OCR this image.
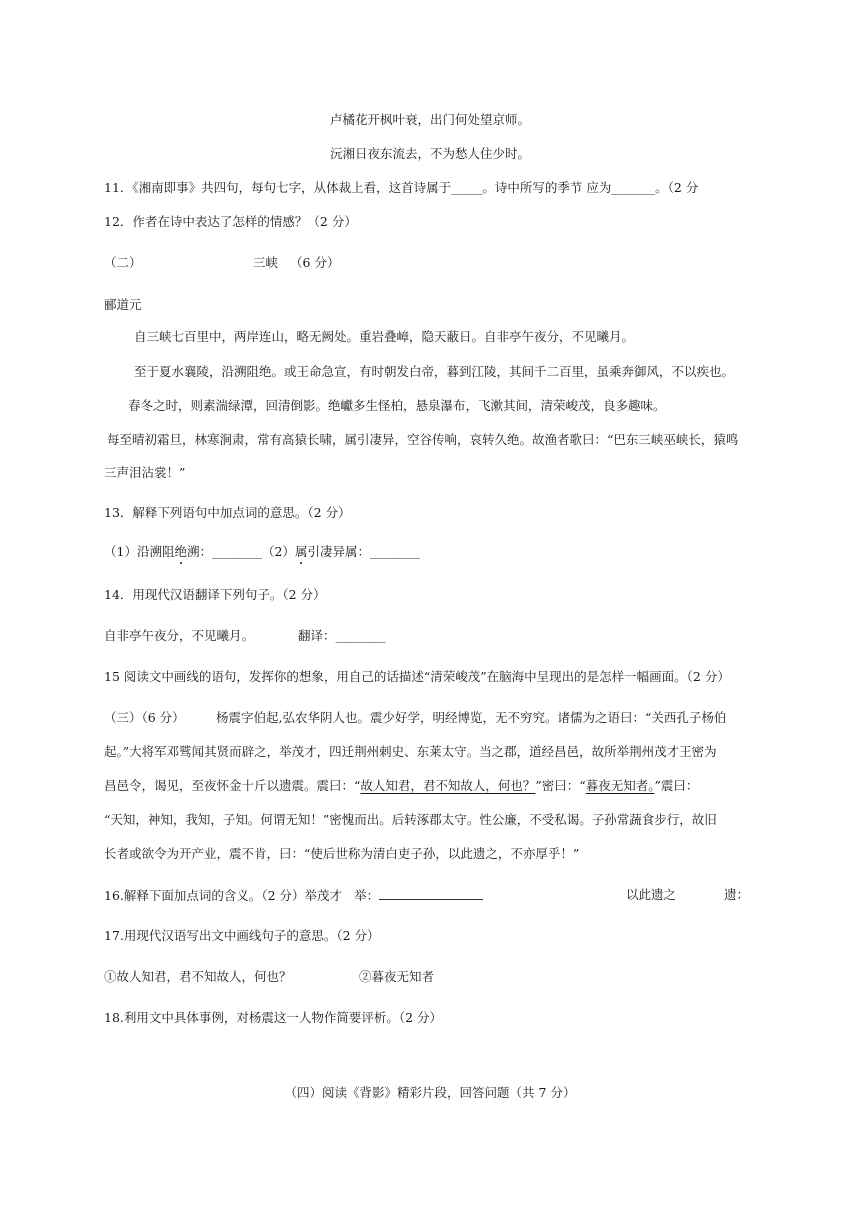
卢橘花开枫叶衰，出门何处望京师。
沅湘日夜东流去，不为愁人住少时。
11．《湘南即事》共四句，每句七字，从体裁上看，这首诗属于_____。诗中所写的季节 应为_______。（2 分
12．作者在诗中表达了怎样的情感？（2 分）
（二）	三峡 （6 分）
郦道元
自三峡七百里中，两岸连山，略无阙处。重岩叠嶂，隐天蔽日。自非亭午夜分，不见曦月。
至于夏水襄陵，沿溯阻绝。或王命急宣，有时朝发白帝，暮到江陵，其间千二百里，虽乘奔御风，不以疾也。
春冬之时，则素湍绿潭，回清倒影。绝巘多生怪柏，悬泉瀑布，飞漱其间，清荣峻茂，良多趣味。
每至晴初霜旦，林寒涧肃，常有高猿长啸，属引凄异，空谷传响，哀转久绝。故渔者歌曰：“巴东三峡巫峡长，猿鸣
三声泪沾裳！”
13．解释下列语句中加点词的意思。（2 分）
（1）沿溯阻绝溯：________（2）属引凄异属：________
14．用现代汉语翻译下列句子。（2 分）
自非亭午夜分，不见曦月。	翻译：________
15 阅读文中画线的语句，发挥你的想象，用自己的话描述“清荣峻茂”在脑海中呈现出的是怎样一幅画面。（2 分）
（三）（6 分）	杨震字伯起,弘农华阴人也。震少好学，明经博览，无不穷究。诸儒为之语曰：“关西孔子杨伯
起。”大将军邓骘闻其贤而辟之，举茂才，四迁荆州剌史、东莱太守。当之郡，道经昌邑，故所举荆州茂才王密为
昌邑令，谒见，至夜怀金十斤以遗震。震曰：“故人知君，君不知故人，何也？”密曰：“暮夜无知者。”震曰：
“天知，神知，我知，子知。何谓无知！”密愧而出。后转涿郡太守。性公廉，不受私谒。子孙常蔬食步行，故旧
长者或欲令为开产业，震不肯，曰：“使后世称为清白吏子孙，以此遗之，不亦厚乎！”
16.解释下面加点词的含义。（2 分）举茂才 举：	以此遗之	遗：
17.用现代汉语写出文中画线句子的意思。（2 分）
①故人知君，君不知故人，何也？	②暮夜无知者
18.利用文中具体事例，对杨震这一人物作简要评析。（2 分）
（四）阅读《背影》精彩片段，回答问题（共 7 分）
